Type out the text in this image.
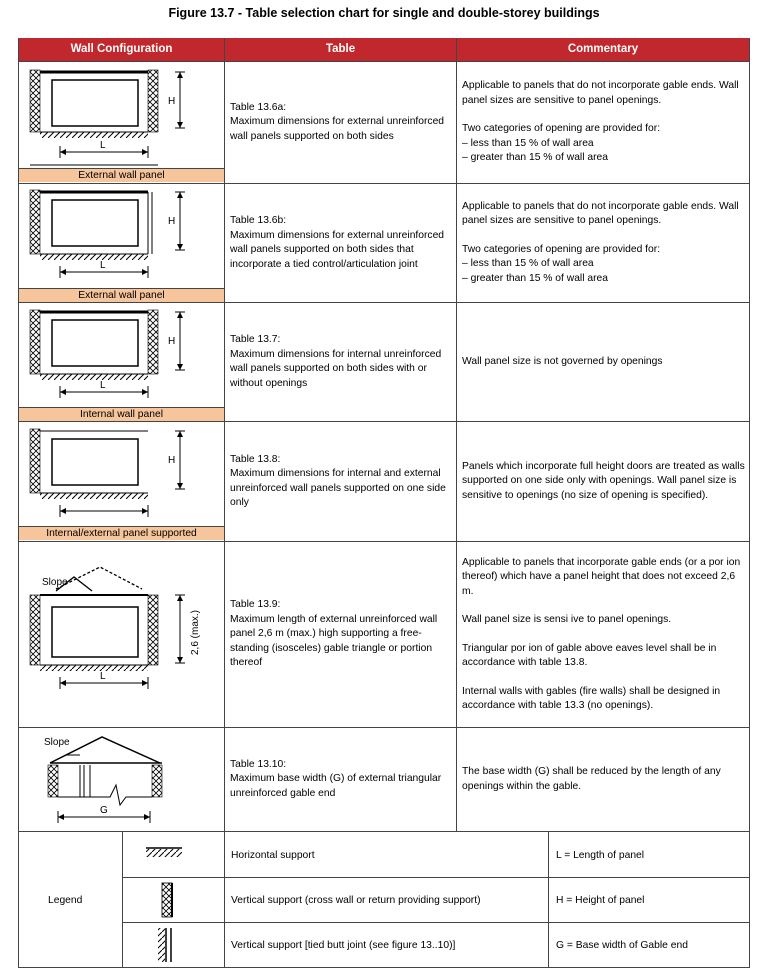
Figure 13.7 - Table selection chart for single and double-storey buildings
Wall Configuration	Table	Commentary
External wall panel
External wall panel
Internal wall panel
Internal/external panel supported
H
L
H
L
H
L
H
Slope
2,6 (max.)
L
Slope
G
Table 13.6a:
Maximum dimensions for external unreinforced wall panels supported on both sides
Table 13.6b:
Maximum dimensions for external unreinforced wall panels supported on both sides that incorporate a tied control/articulation joint
Table 13.7:
Maximum dimensions for internal unreinforced wall panels supported on both sides with or without openings
Table 13.8:
Maximum dimensions for internal and external unreinforced wall panels supported on one side only
Table 13.9:
Maximum length of external unreinforced wall panel 2,6 m (max.) high supporting a free-standing (isosceles) gable triangle or portion thereof
Table 13.10:
Maximum base width (G) of external triangular unreinforced gable end
Applicable to panels that do not incorporate gable ends. Wall panel sizes are sensitive to panel openings.
Two categories of opening are provided for:
– less than 15 % of wall area
– greater than 15 % of wall area
Applicable to panels that do not incorporate gable ends. Wall panel sizes are sensitive to panel openings.
Two categories of opening are provided for:
– less than 15 % of wall area
– greater than 15 % of wall area
Wall panel size is not governed by openings
Panels which incorporate full height doors are treated as walls supported on one side only with openings. Wall panel size is sensitive to openings (no size of opening is specified).
Applicable to panels that incorporate gable ends (or a por ion thereof) which have a panel height that does not exceed 2,6 m.
Wall panel size is sensi ive to panel openings.
Triangular por ion of gable above eaves level shall be in accordance with table 13.8.
Internal walls with gables (fire walls) shall be designed in accordance with table 13.3 (no openings).
The base width (G) shall be reduced by the length of any openings within the gable.
Legend
Horizontal support
Vertical support (cross wall or return providing support)
Vertical support [tied butt joint (see figure 13..10)]
L = Length of panel
H = Height of panel
G = Base width of Gable end
